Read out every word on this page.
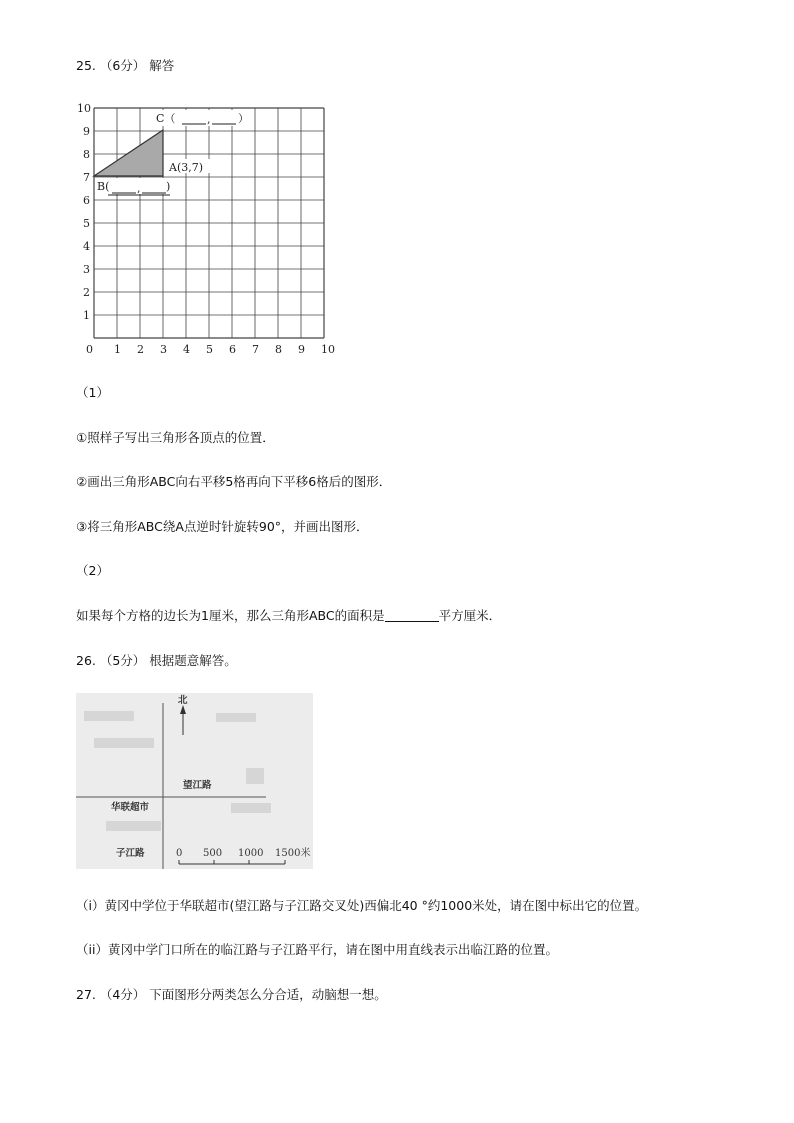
25. （6分） 解答
0 1 2 3 4 5 6 7 8 9 10
1
2
3
4
5
6
7
8
9
10
C（	,	）
A(3,7)
B(	, )
（1）
①照样子写出三角形各顶点的位置．
②画出三角形ABC向右平移5格再向下平移6格后的图形．
③将三角形ABC绕A点逆时针旋转90°，并画出图形．
（2）
如果每个方格的边长为1厘米，那么三角形ABC的面积是	平方厘米．
26. （5分） 根据题意解答。
北
望江路
华联超市
子江路	0 500 1000 1500米
（i）黄冈中学位于华联超市(望江路与子江路交叉处)西偏北40 °约1000米处，请在图中标出它的位置。
（ii）黄冈中学门口所在的临江路与子江路平行，请在图中用直线表示出临江路的位置。
27. （4分） 下面图形分两类怎么分合适，动脑想一想。
